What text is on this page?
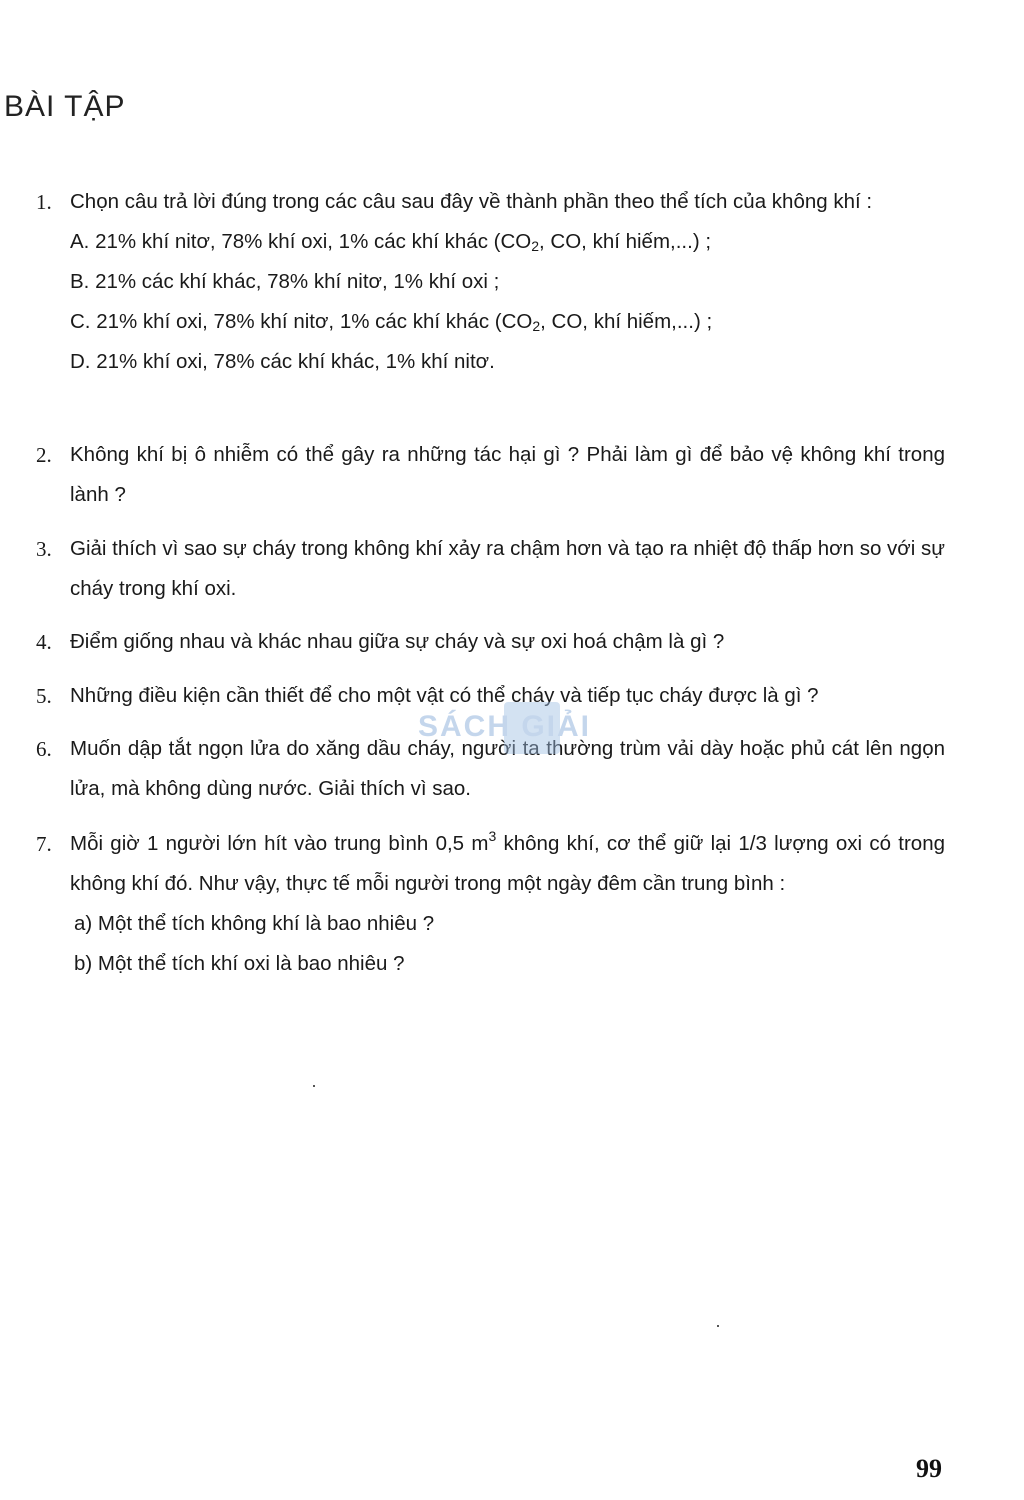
BÀI TẬP
1. Chọn câu trả lời đúng trong các câu sau đây về thành phần theo thể tích của không khí :
A. 21% khí nitơ, 78% khí oxi, 1% các khí khác ($CO_2$, CO, khí hiếm,...) ;
B. 21% các khí khác, 78% khí nitơ, 1% khí oxi ;
C. 21% khí oxi, 78% khí nitơ, 1% các khí khác ($CO_2$, CO, khí hiếm,...) ;
D. 21% khí oxi, 78% các khí khác, 1% khí nitơ.
2. Không khí bị ô nhiễm có thể gây ra những tác hại gì ? Phải làm gì để bảo vệ không khí trong lành ?
3. Giải thích vì sao sự cháy trong không khí xảy ra chậm hơn và tạo ra nhiệt độ thấp hơn so với sự cháy trong khí oxi.
4. Điểm giống nhau và khác nhau giữa sự cháy và sự oxi hoá chậm là gì ?
5. Những điều kiện cần thiết để cho một vật có thể cháy và tiếp tục cháy được là gì ?
6. Muốn dập tắt ngọn lửa do xăng dầu cháy, người ta thường trùm vải dày hoặc phủ cát lên ngọn lửa, mà không dùng nước. Giải thích vì sao.
7. Mỗi giờ 1 người lớn hít vào trung bình 0,5 $m^3$ không khí, cơ thể giữ lại 1/3 lượng oxi có trong không khí đó. Như vậy, thực tế mỗi người trong một ngày đêm cần trung bình :
a) Một thể tích không khí là bao nhiêu ?
b) Một thể tích khí oxi là bao nhiêu ?
SÁCH GIẢI
99
